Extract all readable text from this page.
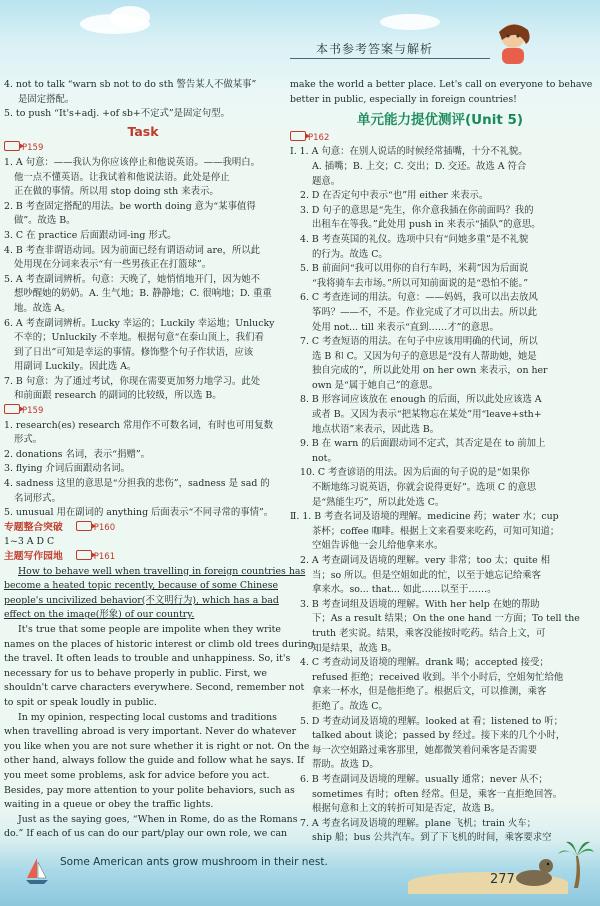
本书参考答案与解析

4. not to talk “warn sb not to do sth 警告某人不做某事”

是固定搭配。

5. to push “It's+adj. +of sb+不定式”是固定句型。

Task
P159

1. A 句意：——我认为你应该停止和他说英语。——我明白。

他一点不懂英语。让我试着和他说法语。此处是停止

正在做的事情。所以用 stop doing sth 来表示。

2. B 考查固定搭配的用法。be worth doing 意为“某事值得

做”。故选 B。

3. C 在 practice 后面跟动词-ing 形式。

4. B 考查非谓语动词。因为前面已经有谓语动词 are，所以此

处用现在分词来表示“有一些男孩正在打篮球”。

5. A 考查副词辨析。句意：天晚了，她悄悄地开门，因为她不

想吵醒她的奶奶。A. 生气地；B. 静静地；C. 很响地；D. 重重

地。故选 A。

6. A 考查副词辨析。Lucky 幸运的；Luckily 幸运地；Unlucky

不幸的；Unluckily 不幸地。根据句意“在泰山顶上，我们看

到了日出”可知是幸运的事情。修饰整个句子作状语，应该

用副词 Luckily。因此选 A。

7. B 句意：为了通过考试，你现在需要更加努力地学习。此处

和前面跟 research 的副词的比较级，所以选 B。

P159

1. research(es) research 常用作不可数名词，有时也可用复数

形式。

2. donations 名词，表示“捐赠”。

3. flying 介词后面跟动名词。

4. sadness 这里的意思是“分担我的悲伤”，sadness 是 sad 的

名词形式。

5. unusual 用在副词的 anything 后面表示“不同寻常的事情”。

专题整合突破	P160

1~3 A D C

主题写作园地	P161

How to behave well when travelling in foreign countries has

become a heated topic recently, because of some Chinese

people's uncivilized behavior(不文明行为), which has a bad

effect on the image(形象) of our country.

It's true that some people are impolite when they write

names on the places of historic interest or climb old trees during

the travel. It often leads to trouble and unhappiness. So, it's

necessary for us to behave properly in public. First, we

shouldn't carve characters everywhere. Second, remember not

to spit or speak loudly in public.

In my opinion, respecting local customs and traditions

when travelling abroad is very important. Never do whatever

you like when you are not sure whether it is right or not. On the

other hand, always follow the guide and follow what he says. If

you meet some problems, ask for advice before you act.

Besides, pay more attention to your polite behaviors, such as

waiting in a queue or obey the traffic lights.

Just as the saying goes, “When in Rome, do as the Romans

do.” If each of us can do our part/play our own role, we can

make the world a better place. Let's call on everyone to behave

better in public, especially in foreign countries!

单元能力提优测评(Unit 5)
P162

Ⅰ. 1. A 句意：在别人说话的时候经常插嘴，十分不礼貌。

A. 插嘴；B. 上交；C. 交出；D. 交还。故选 A 符合

题意。

2. D 在否定句中表示“也”用 either 来表示。

3. D 句子的意思是“先生，你介意我插在你前面吗？我的

出租车在等我。”此处用 push in 来表示“插队”的意思。

4. B 考查英国的礼仪。选项中只有“问她多重”是不礼貌

的行为。故选 C。

5. B 前面问“我可以用你的自行车吗，米莉”因为后面说

“我将骑车去市场。”所以可知前面说的是“恐怕不能。”

6. C 考查连词的用法。句意：——妈妈，我可以出去放风

筝吗？——不，不是。作业完成了才可以出去。所以此

处用 not... till 来表示“直到……才”的意思。

7. C 考查短语的用法。在句子中应该用明确的代词，所以

选 B 和 C。又因为句子的意思是“没有人帮助她，她是

独自完成的”，所以此处用 on her own 来表示，on her

own 是“属于她自己”的意思。

8. B 形容词应该放在 enough 的后面，所以此处应该选 A

或者 B。又因为表示“把某物忘在某处”用“leave+sth+

地点状语”来表示，因此选 B。

9. B 在 warn 的后面跟动词不定式，其否定是在 to 前加上

not。

10. C 考查谚语的用法。因为后面的句子说的是“如果你

不断地练习说英语，你就会说得更好”。选项 C 的意思

是“熟能生巧”，所以此处选 C。

Ⅱ. 1. B 考查名词及语境的理解。medicine 药；water 水；cup

茶杯；coffee 咖啡。根据上文来看要来吃药，可知可知道；

空姐告诉他一会儿给他拿来水。

2. A 考查副词及语境的理解。very 非常；too 太；quite 相

当；so 所以。但是空姐如此的忙，以至于她忘记给乘客

拿来水。so... that... 如此……以至于……。

3. B 考查词组及语境的理解。With her help 在她的帮助

下；As a result 结果；On the one hand 一方面；To tell the

truth 老实说。结果，乘客没能按时吃药。结合上文，可

知是结果，故选 B。

4. C 考查动词及语境的理解。drank 喝；accepted 接受；

refused 拒绝；received 收到。半个小时后，空姐匆忙给他

拿来一杯水，但是他拒绝了。根据后文，可以推测，乘客

拒绝了。故选 C。

5. D 考查动词及语境的理解。looked at 看；listened to 听；

talked about 谈论；passed by 经过。接下来的几个小时，

每一次空姐路过乘客那里，她都微笑着问乘客是否需要

帮助。故选 D。

6. B 考查副词及语境的理解。usually 通常；never 从不；

sometimes 有时；often 经常。但是，乘客一直拒绝回答。

根据句意和上文的转折可知是否定，故选 B。

7. A 考查名词及语境的理解。plane 飞机；train 火车；

ship 船；bus 公共汽车。到了下飞机的时间，乘客要求空

Some American ants grow mushroom in their nest.
277
